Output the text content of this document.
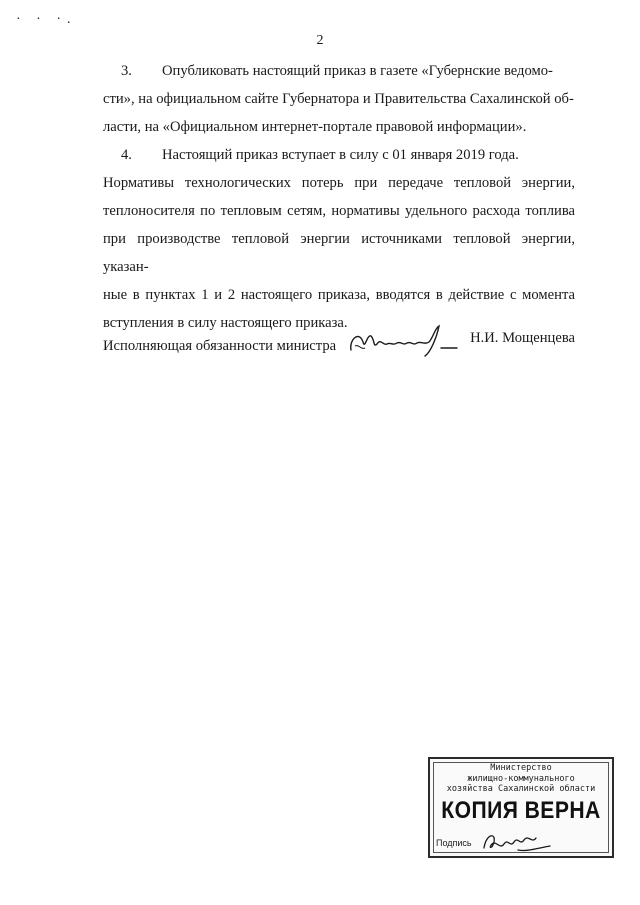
· · ·.
2

3. Опубликовать настоящий приказ в газете «Губернские ведомо-

сти», на официальном сайте Губернатора и Правительства Сахалинской об-

ласти, на «Официальном интернет-портале правовой информации».

4. Настоящий приказ вступает в силу с 01 января 2019 года.

Нормативы технологических потерь при передаче тепловой энергии,

теплоносителя по тепловым сетям, нормативы удельного расхода топлива

при производстве тепловой энергии источниками тепловой энергии, указан-

ные в пунктах 1 и 2 настоящего приказа, вводятся в действие с момента

вступления в силу настоящего приказа.

Исполняющая обязанности министра	Н.И. Мощенцева
Министерство
жилищно-коммунального
хозяйства Сахалинской области
КОПИЯ ВЕРНА
Подпись
